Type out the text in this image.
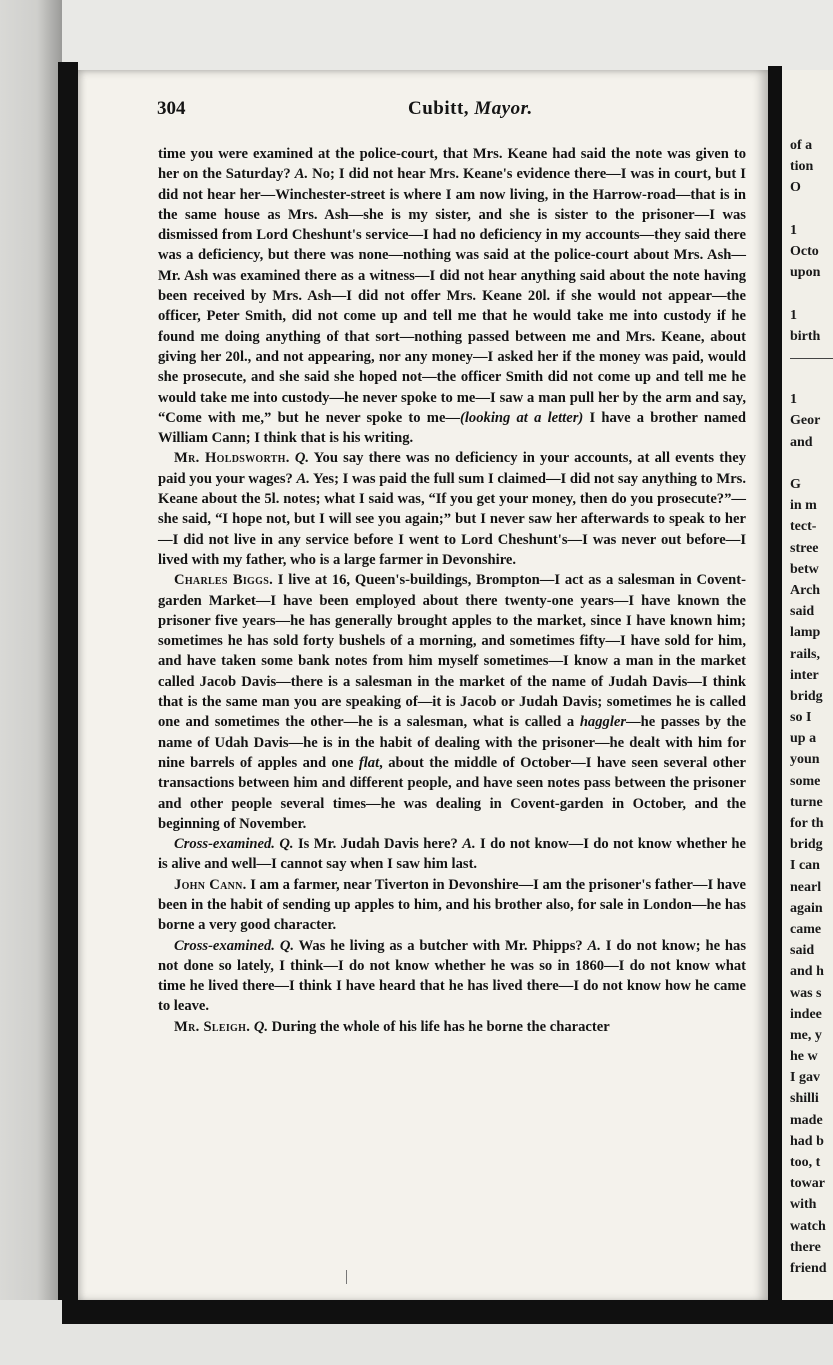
304	Cubitt, Mayor.

time you were examined at the police-court, that Mrs. Keane had said the note was given to her on the Saturday? A. No; I did not hear Mrs. Keane's evidence there—I was in court, but I did not hear her—Winchester-street is where I am now living, in the Harrow-road—that is in the same house as Mrs. Ash—she is my sister, and she is sister to the prisoner—I was dismissed from Lord Cheshunt's service—I had no deficiency in my accounts—they said there was a deficiency, but there was none—nothing was said at the police-court about Mrs. Ash—Mr. Ash was examined there as a witness—I did not hear anything said about the note having been received by Mrs. Ash—I did not offer Mrs. Keane 20l. if she would not appear—the officer, Peter Smith, did not come up and tell me that he would take me into custody if he found me doing anything of that sort—nothing passed between me and Mrs. Keane, about giving her 20l., and not appearing, nor any money—I asked her if the money was paid, would she prosecute, and she said she hoped not—the officer Smith did not come up and tell me he would take me into custody—he never spoke to me—I saw a man pull her by the arm and say, “Come with me,” but he never spoke to me—(looking at a letter) I have a brother named William Cann; I think that is his writing.

Mr. Holdsworth. Q. You say there was no deficiency in your accounts, at all events they paid you your wages? A. Yes; I was paid the full sum I claimed—I did not say anything to Mrs. Keane about the 5l. notes; what I said was, “If you get your money, then do you prosecute?”—she said, “I hope not, but I will see you again;” but I never saw her afterwards to speak to her—I did not live in any service before I went to Lord Cheshunt's—I was never out before—I lived with my father, who is a large farmer in Devonshire.

Charles Biggs. I live at 16, Queen's-buildings, Brompton—I act as a salesman in Covent-garden Market—I have been employed about there twenty-one years—I have known the prisoner five years—he has generally brought apples to the market, since I have known him; sometimes he has sold forty bushels of a morning, and sometimes fifty—I have sold for him, and have taken some bank notes from him myself sometimes—I know a man in the market called Jacob Davis—there is a salesman in the market of the name of Judah Davis—I think that is the same man you are speaking of—it is Jacob or Judah Davis; sometimes he is called one and sometimes the other—he is a salesman, what is called a haggler—he passes by the name of Udah Davis—he is in the habit of dealing with the prisoner—he dealt with him for nine barrels of apples and one flat, about the middle of October—I have seen several other transactions between him and different people, and have seen notes pass between the prisoner and other people several times—he was dealing in Covent-garden in October, and the beginning of November.

Cross-examined. Q. Is Mr. Judah Davis here? A. I do not know—I do not know whether he is alive and well—I cannot say when I saw him last.

John Cann. I am a farmer, near Tiverton in Devonshire—I am the prisoner's father—I have been in the habit of sending up apples to him, and his brother also, for sale in London—he has borne a very good character.

Cross-examined. Q. Was he living as a butcher with Mr. Phipps? A. I do not know; he has not done so lately, I think—I do not know whether he was so in 1860—I do not know what time he lived there—I think I have heard that he has lived there—I do not know how he came to leave.

Mr. Sleigh. Q. During the whole of his life has he borne the character

of a
tion
O
1
Octo
upon
1
birth
1
Geor
and
G
in m
tect-
stree
betw
Arch
said
lamp
rails,
inter
bridg
so I
up a
youn
some
turne
for th
bridg
I can
nearl
again
came
said
and h
was s
indee
me, y
he w
I gav
shilli
made
had b
too, t
towar
with
watch
there
friend
